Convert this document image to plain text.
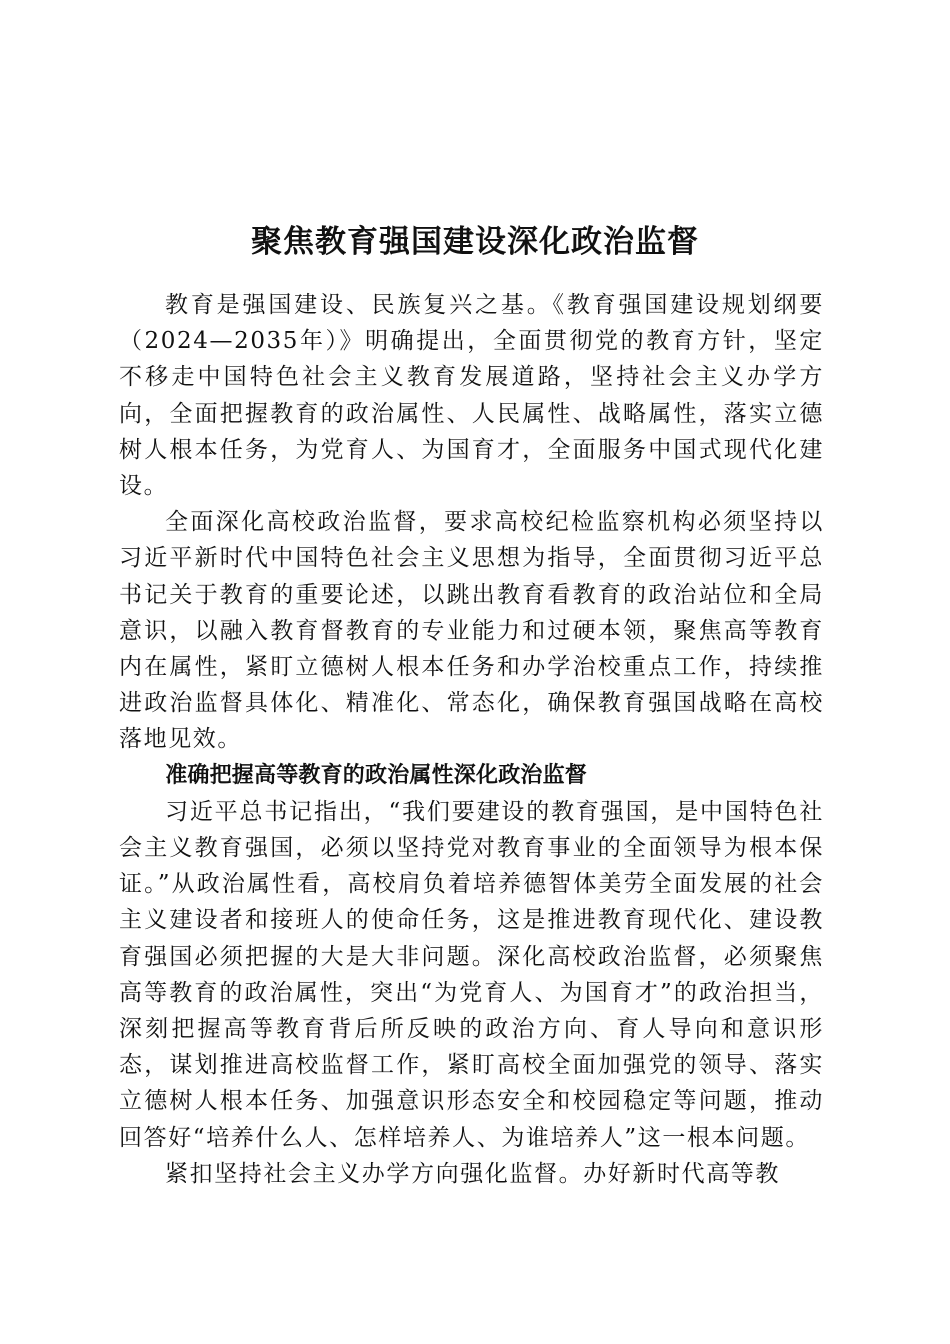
聚焦教育强国建设深化政治监督

教育是强国建设、民族复兴之基。《教育强国建设规划纲要（2024—2035年）》明确提出，全面贯彻党的教育方针，坚定不移走中国特色社会主义教育发展道路，坚持社会主义办学方向，全面把握教育的政治属性、人民属性、战略属性，落实立德树人根本任务，为党育人、为国育才，全面服务中国式现代化建设。

全面深化高校政治监督，要求高校纪检监察机构必须坚持以习近平新时代中国特色社会主义思想为指导，全面贯彻习近平总书记关于教育的重要论述，以跳出教育看教育的政治站位和全局意识，以融入教育督教育的专业能力和过硬本领，聚焦高等教育内在属性，紧盯立德树人根本任务和办学治校重点工作，持续推进政治监督具体化、精准化、常态化，确保教育强国战略在高校落地见效。

准确把握高等教育的政治属性深化政治监督

习近平总书记指出，“我们要建设的教育强国，是中国特色社会主义教育强国，必须以坚持党对教育事业的全面领导为根本保证。”从政治属性看，高校肩负着培养德智体美劳全面发展的社会主义建设者和接班人的使命任务，这是推进教育现代化、建设教育强国必须把握的大是大非问题。深化高校政治监督，必须聚焦高等教育的政治属性，突出“为党育人、为国育才”的政治担当，深刻把握高等教育背后所反映的政治方向、育人导向和意识形态，谋划推进高校监督工作，紧盯高校全面加强党的领导、落实立德树人根本任务、加强意识形态安全和校园稳定等问题，推动回答好“培养什么人、怎样培养人、为谁培养人”这一根本问题。

紧扣坚持社会主义办学方向强化监督。办好新时代高等教
